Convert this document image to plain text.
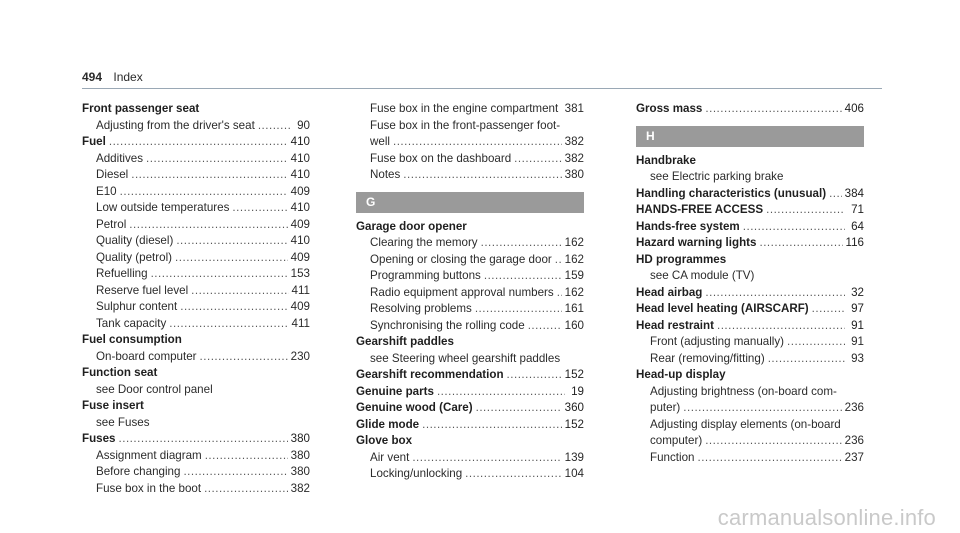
494 Index
Front passenger seat
Adjusting from the driver's seat .....	90
Fuel .....	410
Additives .....	410
Diesel .....	410
E10 .....	409
Low outside temperatures .....	410
Petrol .....	409
Quality (diesel) .....	410
Quality (petrol) .....	409
Refuelling .....	153
Reserve fuel level .....	411
Sulphur content .....	409
Tank capacity .....	411
Fuel consumption
On-board computer .....	230
Function seat
see Door control panel
Fuse insert
see Fuses
Fuses .....	380
Assignment diagram .....	380
Before changing .....	380
Fuse box in the boot .....	382
Fuse box in the engine compartment ..... 381
Fuse box in the front-passenger foot-
well .....	382
Fuse box on the dashboard .....	382
Notes .....	380
G
Garage door opener
Clearing the memory .....	162
Opening or closing the garage door ..... 162
Programming buttons .....	159
Radio equipment approval numbers ..... 162
Resolving problems .....	161
Synchronising the rolling code .....	160
Gearshift paddles
see Steering wheel gearshift paddles
Gearshift recommendation .....	152
Genuine parts .....	19
Genuine wood (Care) .....	360
Glide mode .....	152
Glove box
Air vent .....	139
Locking/unlocking .....	104
Gross mass .....	406
H
Handbrake
see Electric parking brake
Handling characteristics (unusual) ..... 384
HANDS-FREE ACCESS .....	71
Hands-free system .....	64
Hazard warning lights .....	116
HD programmes
see CA module (TV)
Head airbag .....	32
Head level heating (AIRSCARF) .....	97
Head restraint .....	91
Front (adjusting manually) .....	91
Rear (removing/fitting) .....	93
Head-up display
Adjusting brightness (on-board com-
puter) .....	236
Adjusting display elements (on-board
computer) .....	236
Function .....	237
carmanualsonline.info
